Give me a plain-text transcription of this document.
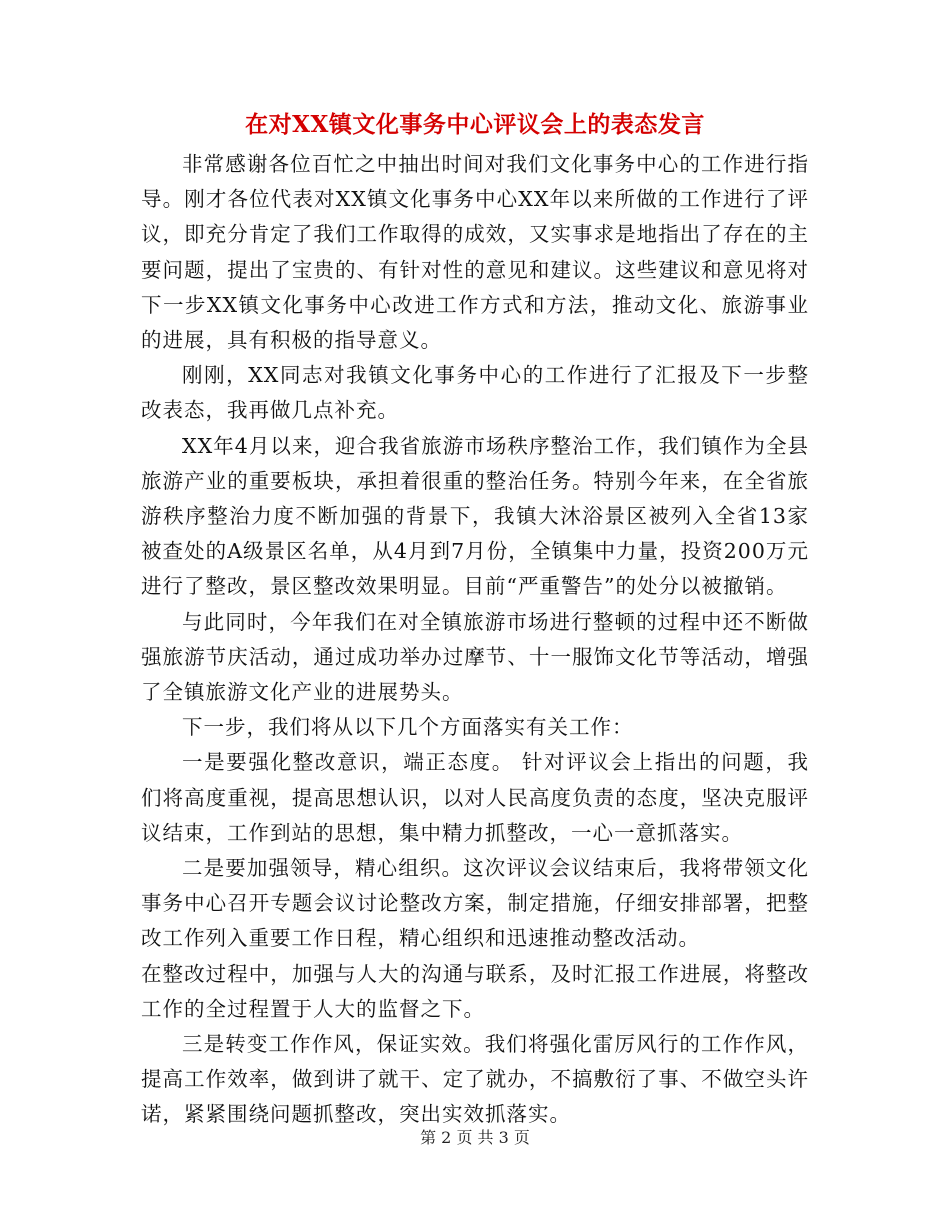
在对XX镇文化事务中心评议会上的表态发言

非常感谢各位百忙之中抽出时间对我们文化事务中心的工作进行指导。刚才各位代表对XX镇文化事务中心XX年以来所做的工作进行了评议，即充分肯定了我们工作取得的成效，又实事求是地指出了存在的主要问题，提出了宝贵的、有针对性的意见和建议。这些建议和意见将对下一步XX镇文化事务中心改进工作方式和方法，推动文化、旅游事业的进展，具有积极的指导意义。

刚刚，XX同志对我镇文化事务中心的工作进行了汇报及下一步整改表态，我再做几点补充。

XX年4月以来，迎合我省旅游市场秩序整治工作，我们镇作为全县旅游产业的重要板块，承担着很重的整治任务。特别今年来，在全省旅游秩序整治力度不断加强的背景下，我镇大沐浴景区被列入全省13家被查处的A级景区名单，从4月到7月份，全镇集中力量，投资200万元进行了整改，景区整改效果明显。目前“严重警告”的处分以被撤销。

与此同时，今年我们在对全镇旅游市场进行整顿的过程中还不断做强旅游节庆活动，通过成功举办过摩节、十一服饰文化节等活动，增强了全镇旅游文化产业的进展势头。

下一步，我们将从以下几个方面落实有关工作：

一是要强化整改意识，端正态度。 针对评议会上指出的问题，我们将高度重视，提高思想认识，以对人民高度负责的态度，坚决克服评议结束，工作到站的思想，集中精力抓整改，一心一意抓落实。

二是要加强领导，精心组织。这次评议会议结束后，我将带领文化事务中心召开专题会议讨论整改方案，制定措施，仔细安排部署，把整改工作列入重要工作日程，精心组织和迅速推动整改活动。

在整改过程中，加强与人大的沟通与联系，及时汇报工作进展，将整改工作的全过程置于人大的监督之下。

三是转变工作作风，保证实效。我们将强化雷厉风行的工作作风，提高工作效率，做到讲了就干、定了就办，不搞敷衍了事、不做空头许诺，紧紧围绕问题抓整改，突出实效抓落实。

第 2 页 共 3 页
